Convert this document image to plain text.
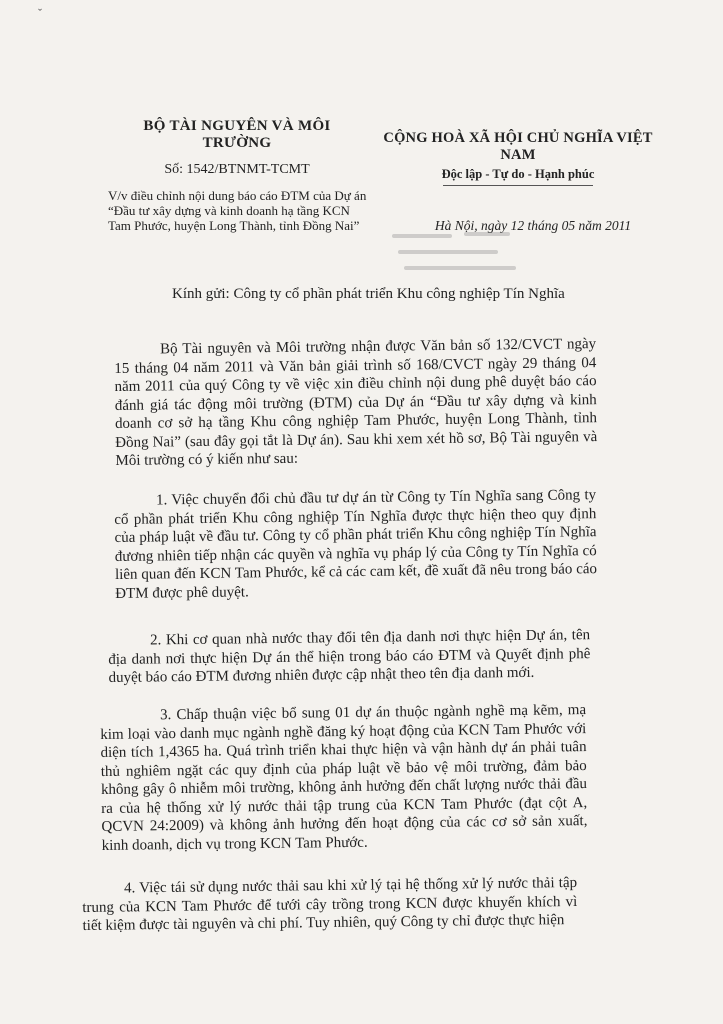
ˇ
BỘ TÀI NGUYÊN VÀ MÔI TRƯỜNG
Số: 1542/BTNMT-TCMT
V/v điều chỉnh nội dung báo cáo ĐTM của Dự án “Đầu tư xây dựng và kinh doanh hạ tầng KCN Tam Phước, huyện Long Thành, tỉnh Đồng Nai”
CỘNG HOÀ XÃ HỘI CHỦ NGHĨA VIỆT NAM
Độc lập - Tự do - Hạnh phúc
Hà Nội, ngày 12 tháng 05 năm 2011
Kính gửi: Công ty cổ phần phát triển Khu công nghiệp Tín Nghĩa
Bộ Tài nguyên và Môi trường nhận được Văn bản số 132/CVCT ngày 15 tháng 04 năm 2011 và Văn bản giải trình số 168/CVCT ngày 29 tháng 04 năm 2011 của quý Công ty về việc xin điều chỉnh nội dung phê duyệt báo cáo đánh giá tác động môi trường (ĐTM) của Dự án “Đầu tư xây dựng và kinh doanh cơ sở hạ tầng Khu công nghiệp Tam Phước, huyện Long Thành, tỉnh Đồng Nai” (sau đây gọi tắt là Dự án). Sau khi xem xét hồ sơ, Bộ Tài nguyên và Môi trường có ý kiến như sau:
1. Việc chuyển đổi chủ đầu tư dự án từ Công ty Tín Nghĩa sang Công ty cổ phần phát triển Khu công nghiệp Tín Nghĩa được thực hiện theo quy định của pháp luật về đầu tư. Công ty cổ phần phát triển Khu công nghiệp Tín Nghĩa đương nhiên tiếp nhận các quyền và nghĩa vụ pháp lý của Công ty Tín Nghĩa có liên quan đến KCN Tam Phước, kể cả các cam kết, đề xuất đã nêu trong báo cáo ĐTM được phê duyệt.
2. Khi cơ quan nhà nước thay đổi tên địa danh nơi thực hiện Dự án, tên địa danh nơi thực hiện Dự án thể hiện trong báo cáo ĐTM và Quyết định phê duyệt báo cáo ĐTM đương nhiên được cập nhật theo tên địa danh mới.
3. Chấp thuận việc bổ sung 01 dự án thuộc ngành nghề mạ kẽm, mạ kim loại vào danh mục ngành nghề đăng ký hoạt động của KCN Tam Phước với diện tích 1,4365 ha. Quá trình triển khai thực hiện và vận hành dự án phải tuân thủ nghiêm ngặt các quy định của pháp luật về bảo vệ môi trường, đảm bảo không gây ô nhiễm môi trường, không ảnh hưởng đến chất lượng nước thải đầu ra của hệ thống xử lý nước thải tập trung của KCN Tam Phước (đạt cột A, QCVN 24:2009) và không ảnh hưởng đến hoạt động của các cơ sở sản xuất, kinh doanh, dịch vụ trong KCN Tam Phước.
4. Việc tái sử dụng nước thải sau khi xử lý tại hệ thống xử lý nước thải tập trung của KCN Tam Phước để tưới cây trồng trong KCN được khuyến khích vì tiết kiệm được tài nguyên và chi phí. Tuy nhiên, quý Công ty chỉ được thực hiện
